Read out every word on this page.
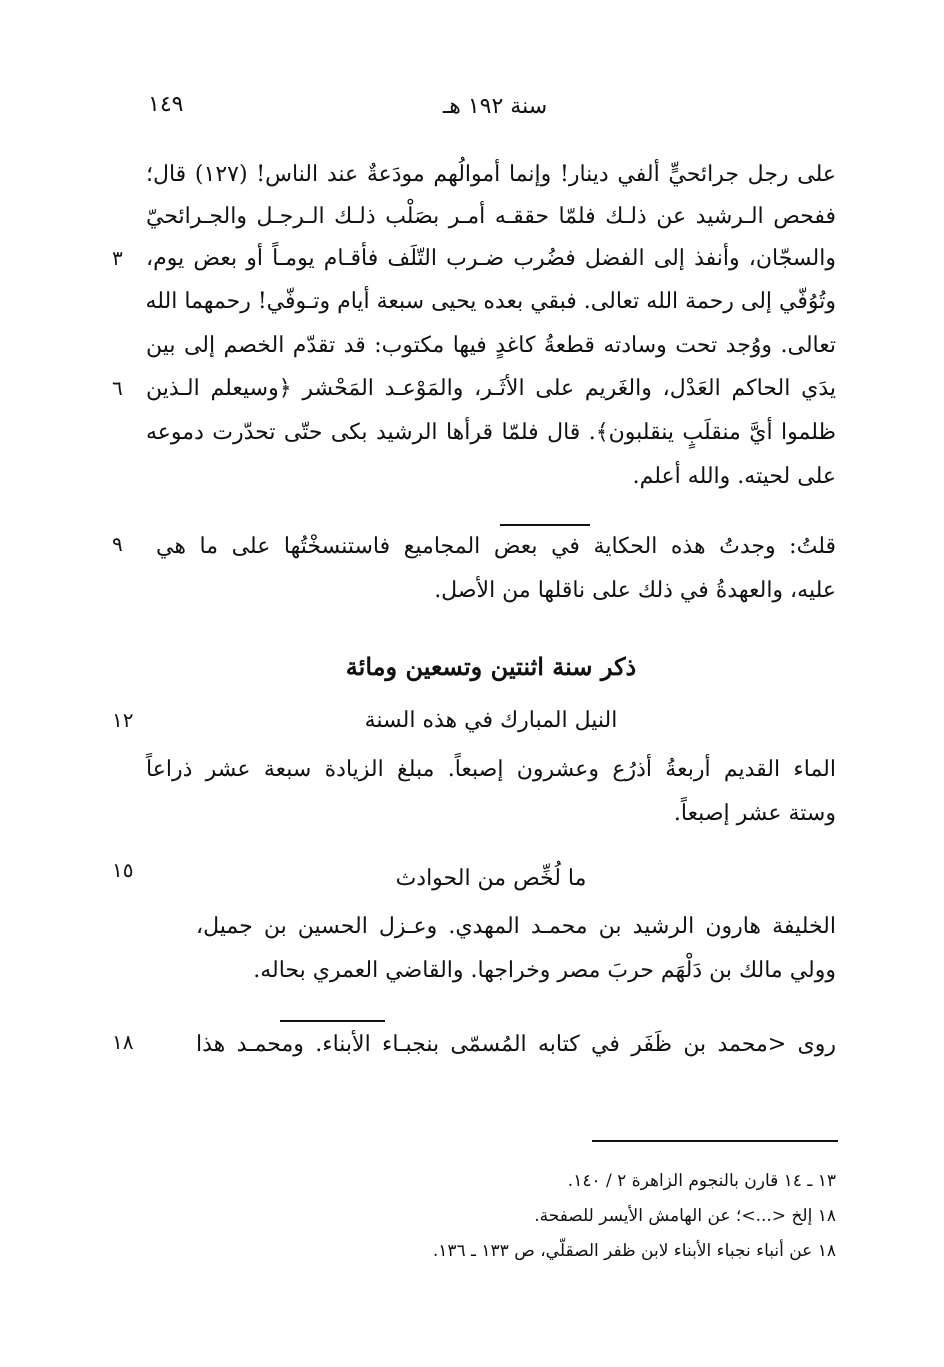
١٤٩	سنة ١٩٢ هـ
على رجل جرائحيٍّ ألفي دينار! وإنما أموالُهم مودَعةٌ عند الناس! (١٢٧) قال؛
ففحص الـرشيد عن ذلـك فلمّا حققـه أمـر بصَلْب ذلـك الـرجـل والجـرائحيّ
والسجّان، وأنفذ إلى الفضل فضُرب ضـرب التّلَف فأقـام يومـاً أو بعض يوم،
وتُوُفّي إلى رحمة الله تعالى. فبقي بعده يحيى سبعة أيام وتـوفّي! رحمهما الله
تعالى. ووُجد تحت وسادته قطعةُ كاغدٍ فيها مكتوب: قد تقدّم الخصم إلى بين
يدَي الحاكم العَدْل، والغَريم على الأثَـر، والمَوْعـد المَحْشر ﴿وسيعلم الـذين
ظلموا أيَّ منقلَبٍ ينقلبون﴾. قال فلمّا قرأها الرشيد بكى حتّى تحدّرت دموعه
على لحيته. والله أعلم.
قلتُ: وجدتُ هذه الحكاية في بعض المجاميع فاستنسخْتُها على ما هي
عليه، والعهدةُ في ذلك على ناقلها من الأصل.
ذكر سنة اثنتين وتسعين ومائة
النيل المبارك في هذه السنة
الماء القديم أربعةُ أذرُع وعشرون إصبعاً. مبلغ الزيادة سبعة عشر ذراعاً
وستة عشر إصبعاً.
ما لُخِّص من الحوادث
الخليفة هارون الرشيد بن محمـد المهدي. وعـزل الحسين بن جميل،
وولي مالك بن دَلْهَم حربَ مصر وخراجها. والقاضي العمري بحاله.
روى <محمد بن ظَفَر في كتابه المُسمّى بنجبـاء الأبناء. ومحمـد هذا
٣
٦
٩
١٢
١٥
١٨
١٣ ـ ١٤ قارن بالنجوم الزاهرة ٢ / ١٤٠.
١٨ إلخ <...>؛ عن الهامش الأيسر للصفحة.
١٨ عن أنباء نجباء الأبناء لابن ظفر الصقلّي، ص ١٣٣ ـ ١٣٦.
